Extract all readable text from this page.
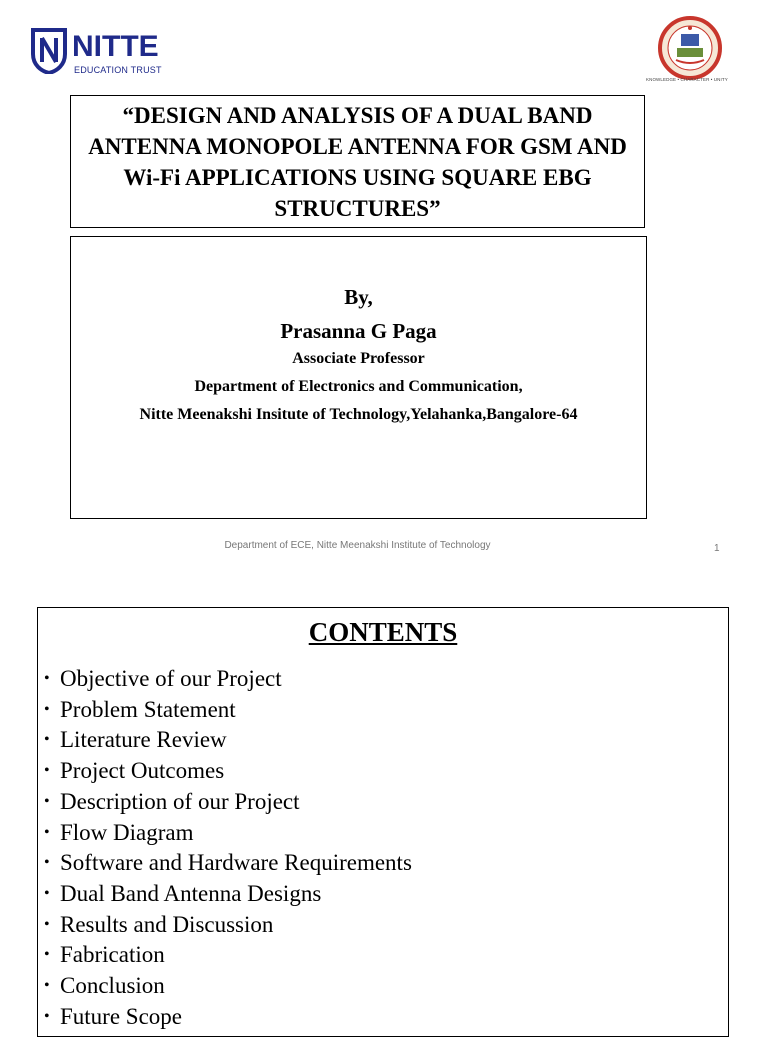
NITTE
EDUCATION TRUST
KNOWLEDGE • CHARACTER • UNITY
“DESIGN AND ANALYSIS OF A DUAL BAND ANTENNA MONOPOLE ANTENNA FOR GSM AND   Wi-Fi APPLICATIONS USING SQUARE EBG STRUCTURES”
By,
Prasanna G Paga
Associate Professor
Department of Electronics and Communication,
Nitte Meenakshi Insitute of Technology,Yelahanka,Bangalore-64
Department of ECE, Nitte Meenakshi Institute of Technology	1
CONTENTS
• Objective of our Project
• Problem Statement
• Literature Review
• Project Outcomes
• Description of our Project
• Flow Diagram
• Software and Hardware Requirements
• Dual Band Antenna Designs
• Results and Discussion
• Fabrication
• Conclusion
• Future Scope
